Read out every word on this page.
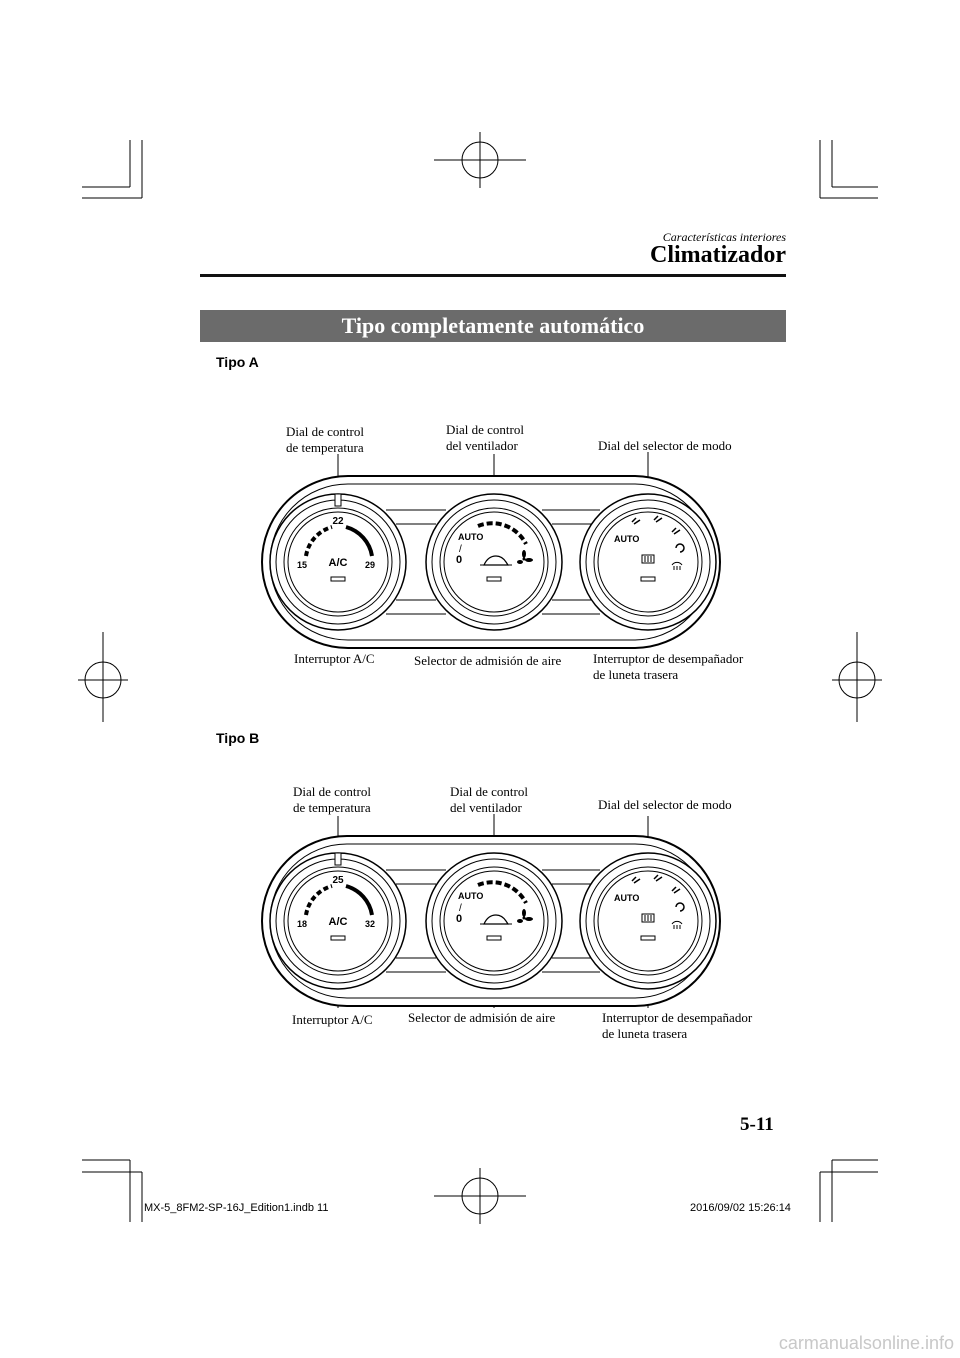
Características interiores
Climatizador
Tipo completamente automático
Tipo A
Dial de control
de temperatura
Dial de control
del ventilador	Dial del selector de modo
Interruptor A/C	Selector de admisión de aire Interruptor de desempañador
de luneta trasera
22
15	29
A/C
AUTO
/
0
AUTO
Tipo B
Dial de control
de temperatura
Dial de control
del ventilador	Dial del selector de modo
Interruptor A/C	Selector de admisión de aire	Interruptor de desempañador
de luneta trasera
25
18	32
A/C
AUTO
/
0
AUTO
5-11
MX-5_8FM2-SP-16J_Edition1.indb 11	2016/09/02 15:26:14
carmanualsonline.info
